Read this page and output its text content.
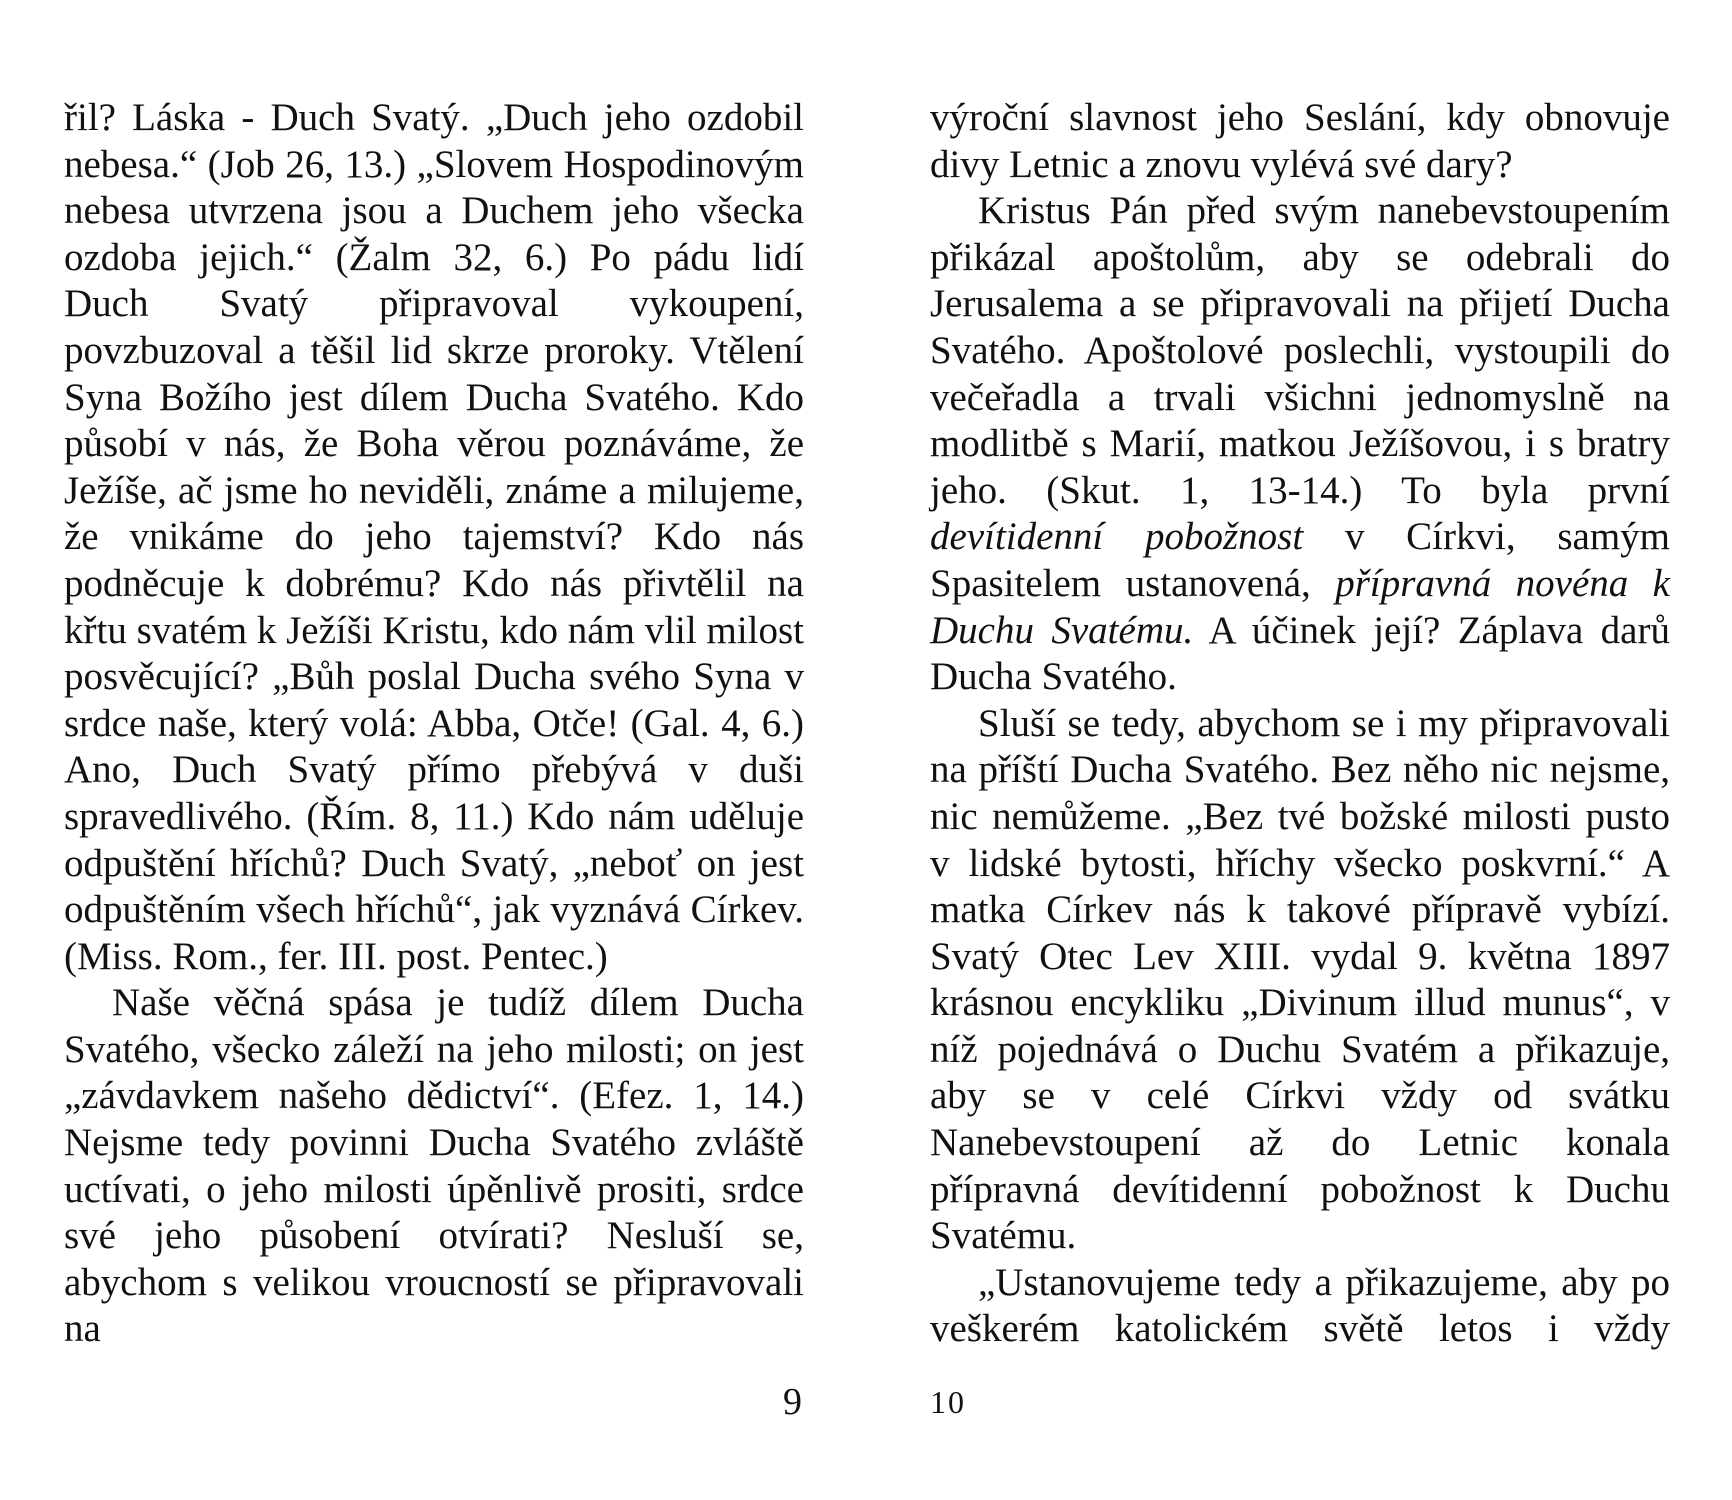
řil? Láska - Duch Svatý. „Duch jeho ozdobil nebesa.“ (Job 26, 13.) „Slovem Hospodinovým nebesa utvrzena jsou a Duchem jeho všecka ozdoba jejich.“ (Žalm 32, 6.) Po pádu lidí Duch Svatý připravoval vykoupení, povzbuzoval a těšil lid skrze proroky. Vtělení Syna Božího jest dílem Ducha Svatého. Kdo působí v nás, že Boha věrou poznáváme, že Ježíše, ač jsme ho neviděli, známe a milujeme, že vnikáme do jeho tajemství? Kdo nás podněcuje k dobrému? Kdo nás přivtělil na křtu svatém k Ježíši Kristu, kdo nám vlil milost posvěcující? „Bůh poslal Ducha svého Syna v srdce naše, který volá: Abba, Otče! (Gal. 4, 6.) Ano, Duch Svatý přímo přebývá v duši spravedlivého. (Řím. 8, 11.) Kdo nám uděluje odpuštění hříchů? Duch Svatý, „neboť on jest odpuštěním všech hříchů“, jak vyznává Církev. (Miss. Rom., fer. III. post. Pentec.)

Naše věčná spása je tudíž dílem Ducha Svatého, všecko záleží na jeho milosti; on jest „závdavkem našeho dědictví“. (Efez. 1, 14.) Nejsme tedy povinni Ducha Svatého zvláště uctívati, o jeho milosti úpěnlivě prositi, srdce své jeho působení otvírati? Nesluší se, abychom s velikou vroucností se připravovali na

výroční slavnost jeho Seslání, kdy obnovuje divy Letnic a znovu vylévá své dary?

Kristus Pán před svým nanebevstoupením přikázal apoštolům, aby se odebrali do Jerusalema a se připravovali na přijetí Ducha Svatého. Apoštolové poslechli, vystoupili do večeřadla a trvali všichni jednomyslně na modlitbě s Marií, matkou Ježíšovou, i s bratry jeho. (Skut. 1, 13-14.) To byla první devítidenní pobožnost v Církvi, samým Spasitelem ustanovená, přípravná novéna k Duchu Svatému. A účinek její? Záplava darů Ducha Svatého.

Sluší se tedy, abychom se i my připravovali na příští Ducha Svatého. Bez něho nic nejsme, nic nemůžeme. „Bez tvé božské milosti pusto v lidské bytosti, hříchy všecko poskvrní.“ A matka Církev nás k takové přípravě vybízí. Svatý Otec Lev XIII. vydal 9. května 1897 krásnou encykliku „Divinum illud munus“, v níž pojednává o Duchu Svatém a přikazuje, aby se v celé Církvi vždy od svátku Nanebevstoupení až do Letnic konala přípravná devítidenní pobožnost k Duchu Svatému.

„Ustanovujeme tedy a přikazujeme, aby po veškerém katolickém světě letos i vždy

9	10
